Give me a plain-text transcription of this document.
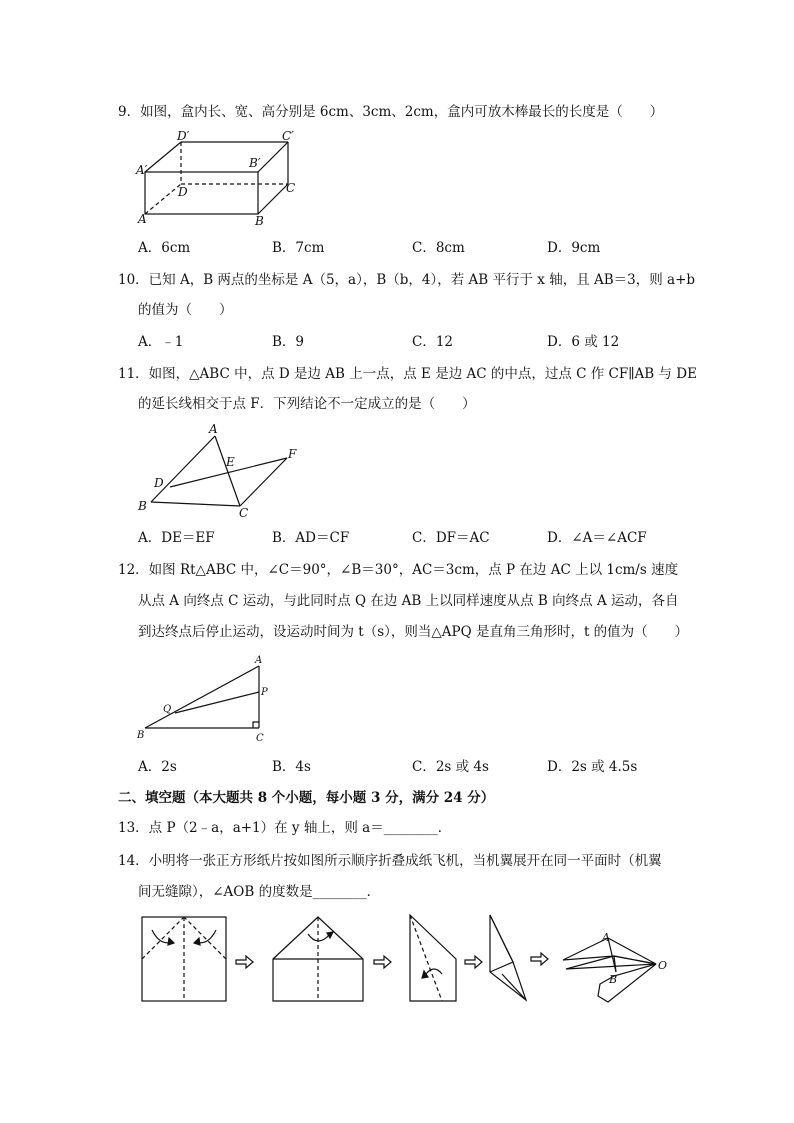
9．如图，盒内长、宽、高分别是 6cm、3cm、2cm，盒内可放木棒最长的长度是（　　）
D′	C′
B′
A′
D	C
A	B
A．6cm	B．7cm	C．8cm	D．9cm
10．已知 A，B 两点的坐标是 A（5，a），B（b，4），若 AB 平行于 x 轴，且 AB＝3，则 a+b
的值为（　　）
A．﹣1	B．9	C．12	D．6 或 12
11．如图，△ABC 中，点 D 是边 AB 上一点，点 E 是边 AC 的中点，过点 C 作 CF∥AB 与 DE
的延长线相交于点 F．下列结论不一定成立的是（　　）
A
E
F
D
B	C
A．DE＝EF	B．AD＝CF	C．DF＝AC	D．∠A＝∠ACF
12．如图 Rt△ABC 中，∠C＝90°，∠B＝30°，AC＝3cm，点 P 在边 AC 上以 1cm/s 速度
从点 A 向终点 C 运动，与此同时点 Q 在边 AB 上以同样速度从点 B 向终点 A 运动，各自
到达终点后停止运动，设运动时间为 t（s），则当△APQ 是直角三角形时，t 的值为（　　）
A
P
Q
B	C
A．2s	B．4s	C．2s 或 4s	D．2s 或 4.5s
二、填空题（本大题共 8 个小题，每小题 3 分，满分 24 分）
13．点 P（2﹣a，a+1）在 y 轴上，则 a＝________．
14．小明将一张正方形纸片按如图所示顺序折叠成纸飞机，当机翼展开在同一平面时（机翼
间无缝隙），∠AOB 的度数是________．
A
B
O
